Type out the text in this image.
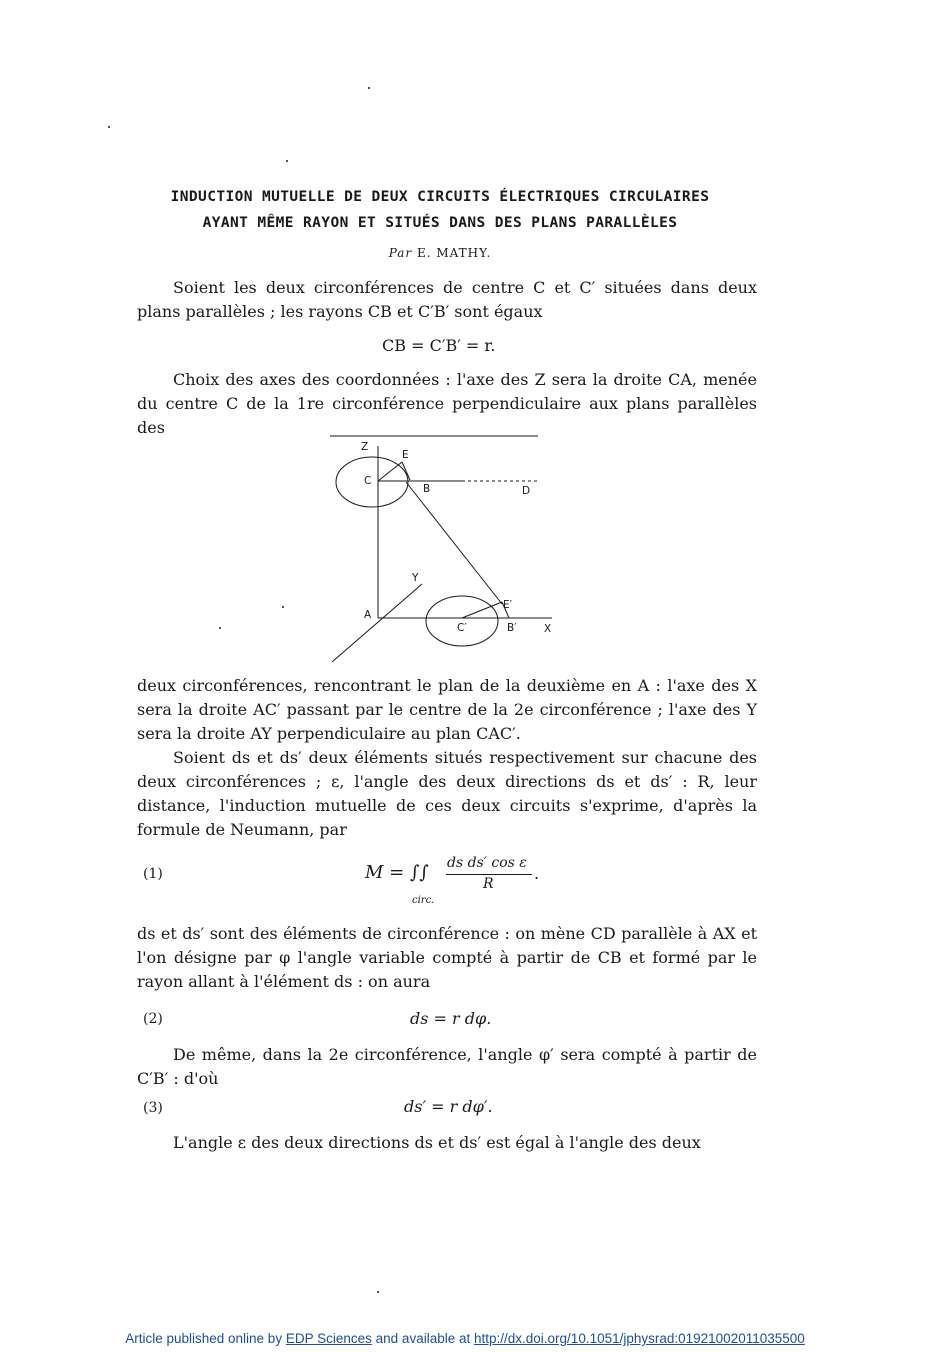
INDUCTION MUTUELLE DE DEUX CIRCUITS ÉLECTRIQUES CIRCULAIRES
AYANT MÊME RAYON ET SITUÉS DANS DES PLANS PARALLÈLES
Par E. MATHY.

Soient les deux circonférences de centre C et C′ situées dans deux plans parallèles ; les rayons CB et C′B′ sont égaux

CB = C′B′ = r.

Choix des axes des coordonnées : l'axe des Z sera la droite CA, menée du centre C de la 1re circonférence perpendiculaire aux plans parallèles des

Z
C
E
B	D
Y
A
E′
C′	B′	X

deux circonférences, rencontrant le plan de la deuxième en A : l'axe des X sera la droite AC′ passant par le centre de la 2e circonférence ; l'axe des Y sera la droite AY perpendiculaire au plan CAC′.

Soient ds et ds′ deux éléments situés respectivement sur chacune des deux circonférences ; ε, l'angle des deux directions ds et ds′ : R, leur distance, l'induction mutuelle de ces deux circuits s'exprime, d'après la formule de Neumann, par

(1)	M = ∫∫ ds ds′ cos ε
R
.
circ.

ds et ds′ sont des éléments de circonférence : on mène CD parallèle à AX et l'on désigne par φ l'angle variable compté à partir de CB et formé par le rayon allant à l'élément ds : on aura

(2)	ds = r dφ.

De même, dans la 2e circonférence, l'angle φ′ sera compté à partir de C′B′ : d'où

(3)	ds′ = r dφ′.

L'angle ε des deux directions ds et ds′ est égal à l'angle des deux

Article published online by EDP Sciences and available at http://dx.doi.org/10.1051/jphysrad:01921002011035500
